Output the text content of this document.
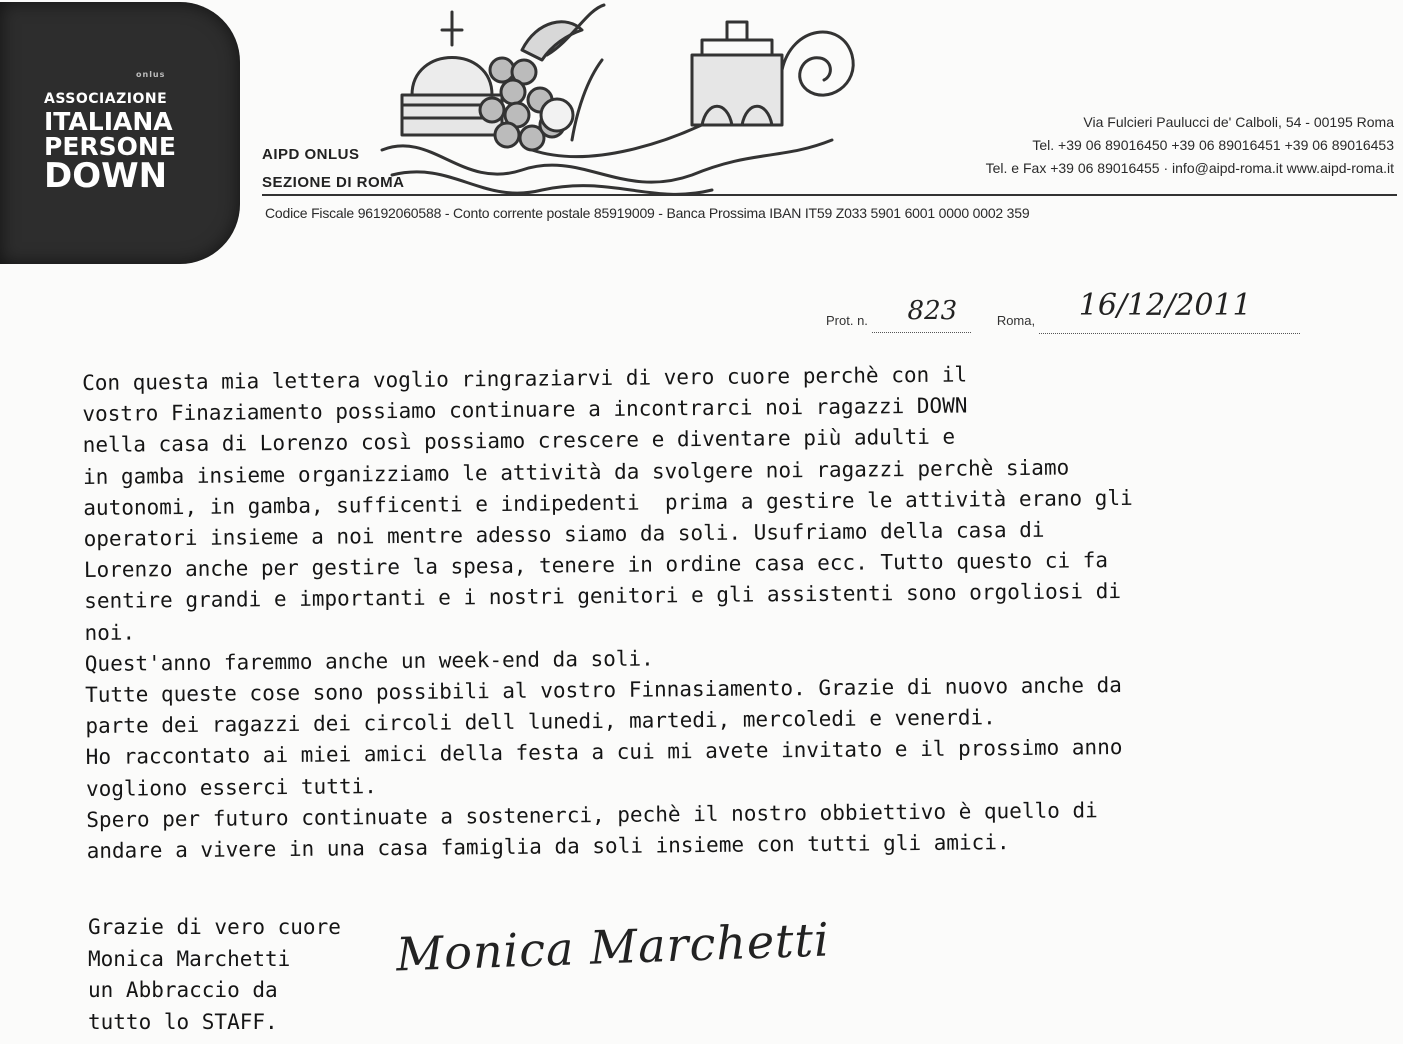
onlus
ASSOCIAZIONE
ITALIANA
PERSONE
DOWN
AIPD ONLUS
SEZIONE DI ROMA
Via Fulcieri Paulucci de' Calboli, 54 - 00195 Roma
Tel. +39 06 89016450 +39 06 89016451 +39 06 89016453
Tel. e Fax +39 06 89016455 · info@aipd-roma.it www.aipd-roma.it
Codice Fiscale 96192060588 - Conto corrente postale 85919009 - Banca Prossima IBAN IT59 Z033 5901 6001 0000 0002 359
Prot. n. 823	Roma, 16/12/2011
Con questa mia lettera voglio ringraziarvi di vero cuore perchè con il
vostro Finaziamento possiamo continuare a incontrarci noi ragazzi DOWN
nella casa di Lorenzo così possiamo crescere e diventare più adulti e
in gamba insieme organizziamo le attività da svolgere noi ragazzi perchè siamo
autonomi, in gamba, sufficenti e indipedenti  prima a gestire le attività erano gli
operatori insieme a noi mentre adesso siamo da soli. Usufriamo della casa di
Lorenzo anche per gestire la spesa, tenere in ordine casa ecc. Tutto questo ci fa
sentire grandi e importanti e i nostri genitori e gli assistenti sono orgoliosi di
noi.
Quest'anno faremmo anche un week-end da soli.
Tutte queste cose sono possibili al vostro Finnasiamento. Grazie di nuovo anche da
parte dei ragazzi dei circoli dell lunedi, martedi, mercoledi e venerdi.
Ho raccontato ai miei amici della festa a cui mi avete invitato e il prossimo anno
vogliono esserci tutti.
Spero per futuro continuate a sostenerci, pechè il nostro obbiettivo è quello di
andare a vivere in una casa famiglia da soli insieme con tutti gli amici.
Grazie di vero cuore
Monica Marchetti
un Abbraccio da
tutto lo STAFF.
Monica Marchetti
